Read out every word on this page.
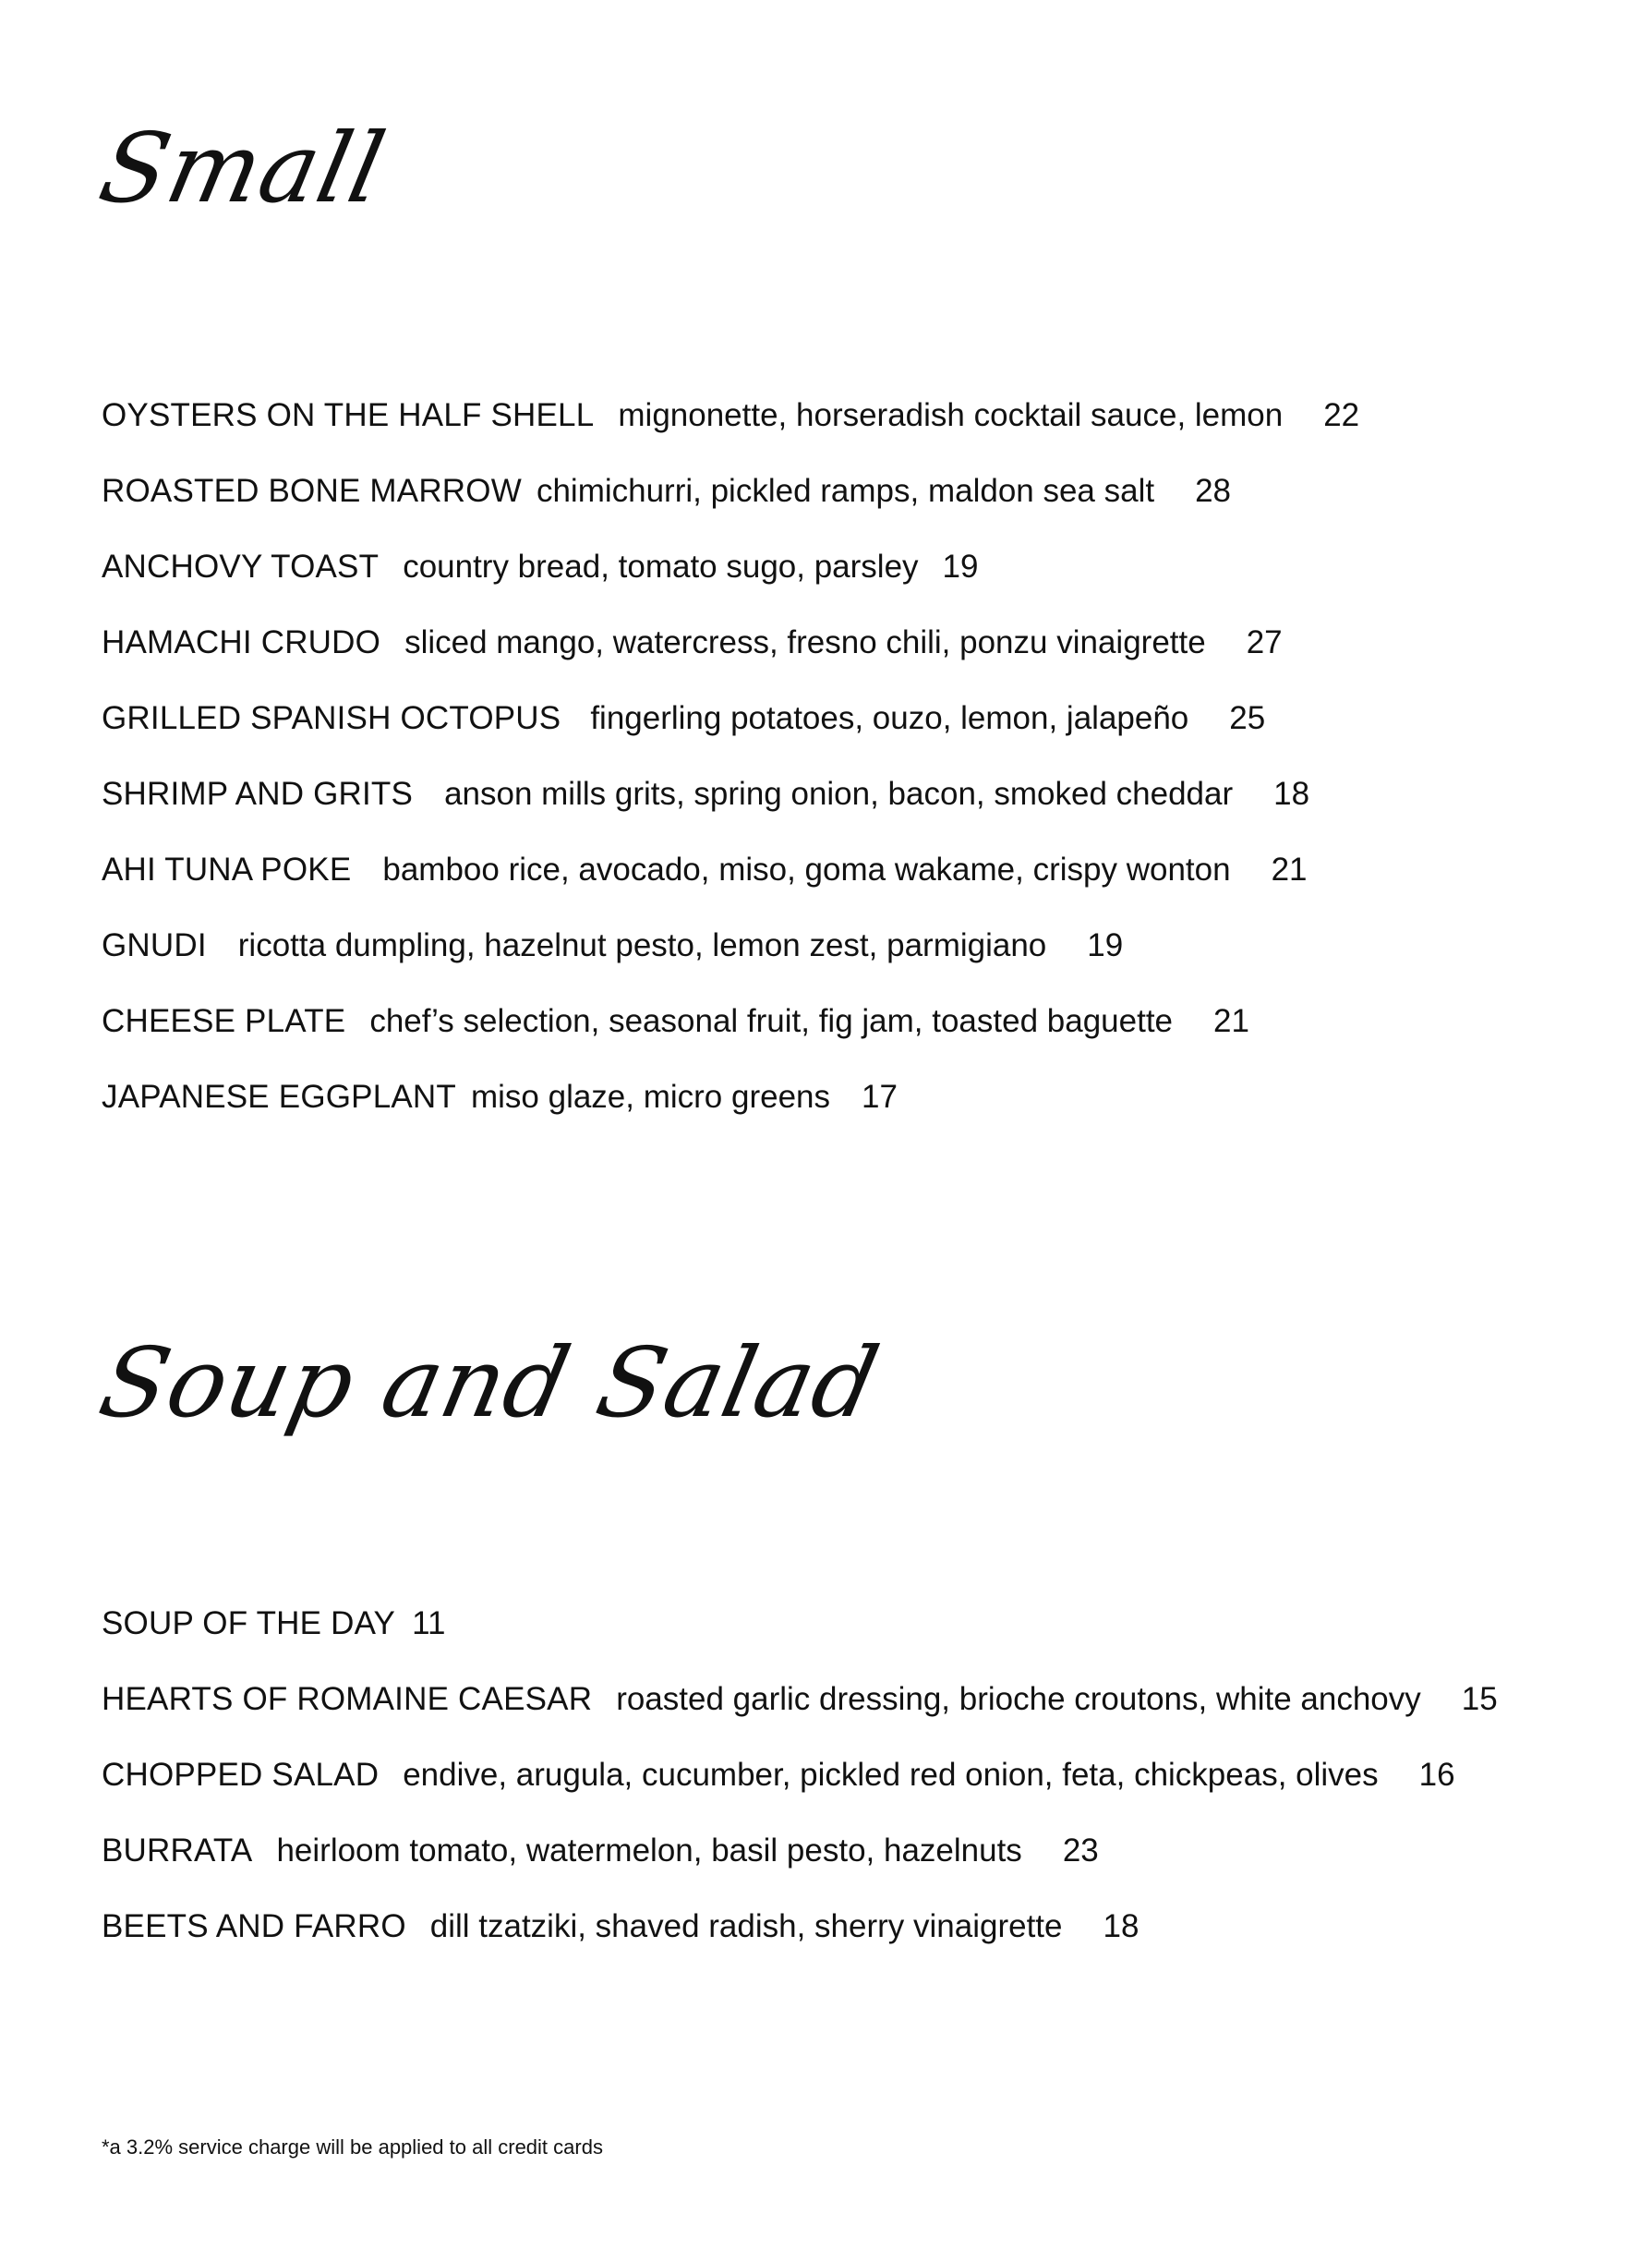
Small
OYSTERS ON THE HALF SHELL mignonette, horseradish cocktail sauce, lemon 22
ROASTED BONE MARROW chimichurri, pickled ramps, maldon sea salt 28
ANCHOVY TOAST country bread, tomato sugo, parsley 19
HAMACHI CRUDO sliced mango, watercress, fresno chili, ponzu vinaigrette 27
GRILLED SPANISH OCTOPUS fingerling potatoes, ouzo, lemon, jalapeño 25
SHRIMP AND GRITS anson mills grits, spring onion, bacon, smoked cheddar 18
AHI TUNA POKE bamboo rice, avocado, miso, goma wakame, crispy wonton 21
GNUDI ricotta dumpling, hazelnut pesto, lemon zest, parmigiano 19
CHEESE PLATE chef’s selection, seasonal fruit, fig jam, toasted baguette 21
JAPANESE EGGPLANT miso glaze, micro greens 17
Soup and Salad
SOUP OF THE DAY 11
HEARTS OF ROMAINE CAESAR roasted garlic dressing, brioche croutons, white anchovy 15
CHOPPED SALAD endive, arugula, cucumber, pickled red onion, feta, chickpeas, olives 16
BURRATA heirloom tomato, watermelon, basil pesto, hazelnuts 23
BEETS AND FARRO dill tzatziki, shaved radish, sherry vinaigrette 18

*a 3.2% service charge will be applied to all credit cards
